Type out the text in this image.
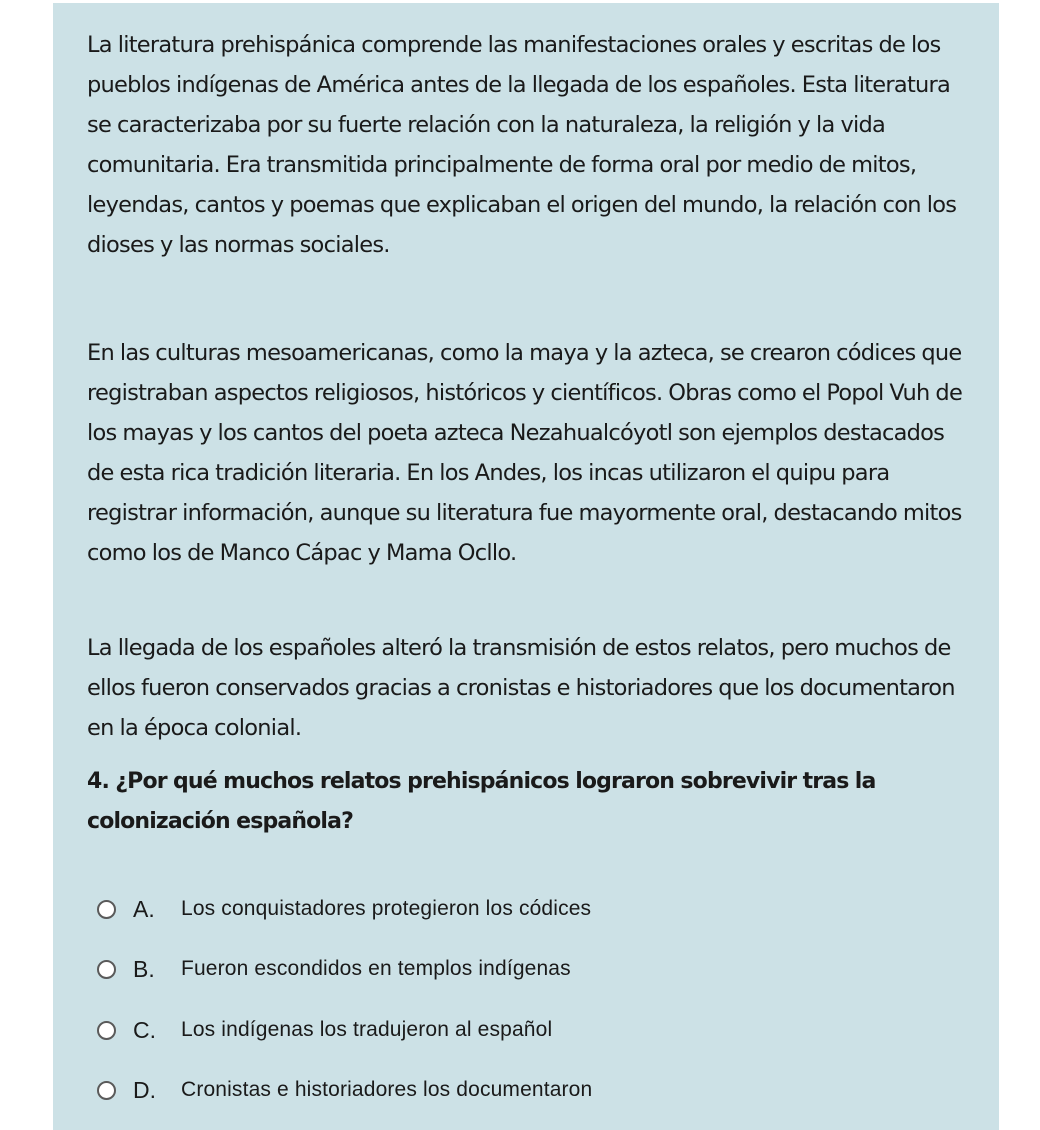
La literatura prehispánica comprende las manifestaciones orales y escritas de los pueblos indígenas de América antes de la llegada de los españoles. Esta literatura se caracterizaba por su fuerte relación con la naturaleza, la religión y la vida comunitaria. Era transmitida principalmente de forma oral por medio de mitos, leyendas, cantos y poemas que explicaban el origen del mundo, la relación con los dioses y las normas sociales.

En las culturas mesoamericanas, como la maya y la azteca, se crearon códices que registraban aspectos religiosos, históricos y científicos. Obras como el Popol Vuh de los mayas y los cantos del poeta azteca Nezahualcóyotl son ejemplos destacados de esta rica tradición literaria. En los Andes, los incas utilizaron el quipu para registrar información, aunque su literatura fue mayormente oral, destacando mitos como los de Manco Cápac y Mama Ocllo.

La llegada de los españoles alteró la transmisión de estos relatos, pero muchos de ellos fueron conservados gracias a cronistas e historiadores que los documentaron en la época colonial.

4. ¿Por qué muchos relatos prehispánicos lograron sobrevivir tras la colonización española?

A.	Los conquistadores protegieron los códices
B.	Fueron escondidos en templos indígenas
C.	Los indígenas los tradujeron al español
D.	Cronistas e historiadores los documentaron
